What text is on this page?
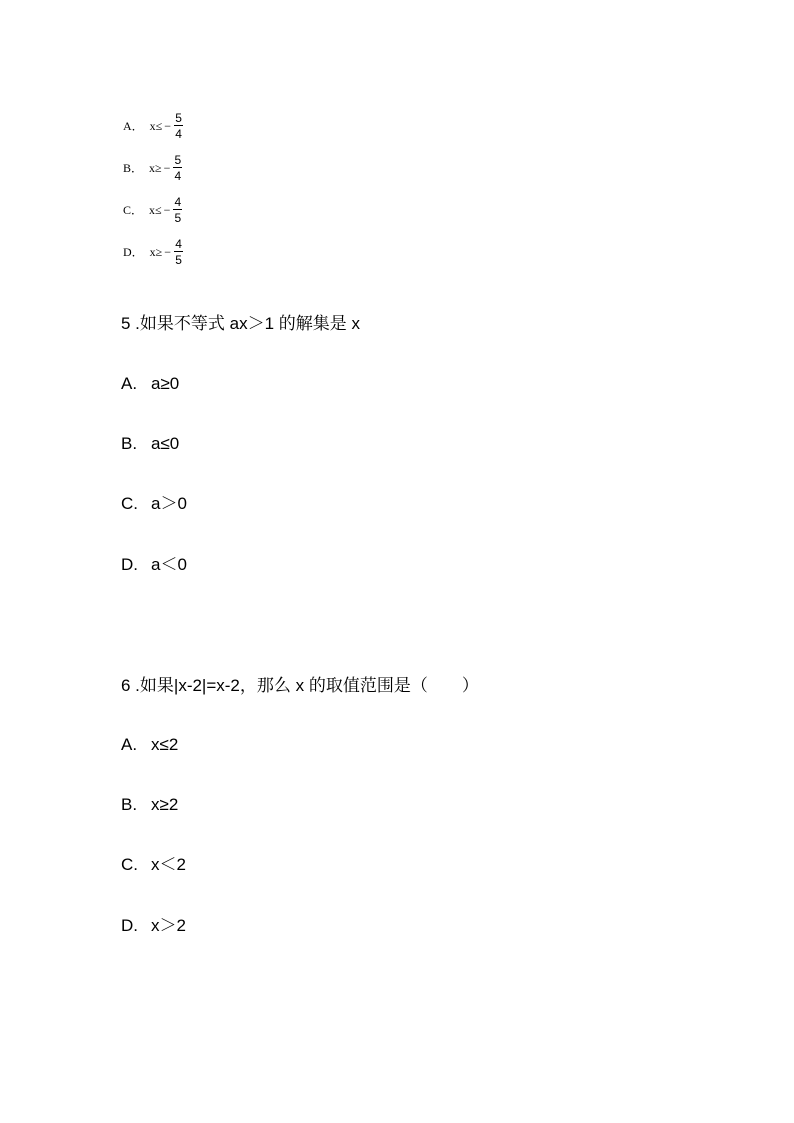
A． $x\le - \frac{5}{4}$
B． $x\ge - \frac{5}{4}$
C． $x\le - \frac{4}{5}$
D． $x\ge - \frac{4}{5}$
5 .如果不等式 ax＞1 的解集是 x
A. a≥0
B. a≤0
C. a＞0
D. a＜0
6 .如果|x-2|=x-2，那么 x 的取值范围是（　　）
A. x≤2
B. x≥2
C. x＜2
D. x＞2
